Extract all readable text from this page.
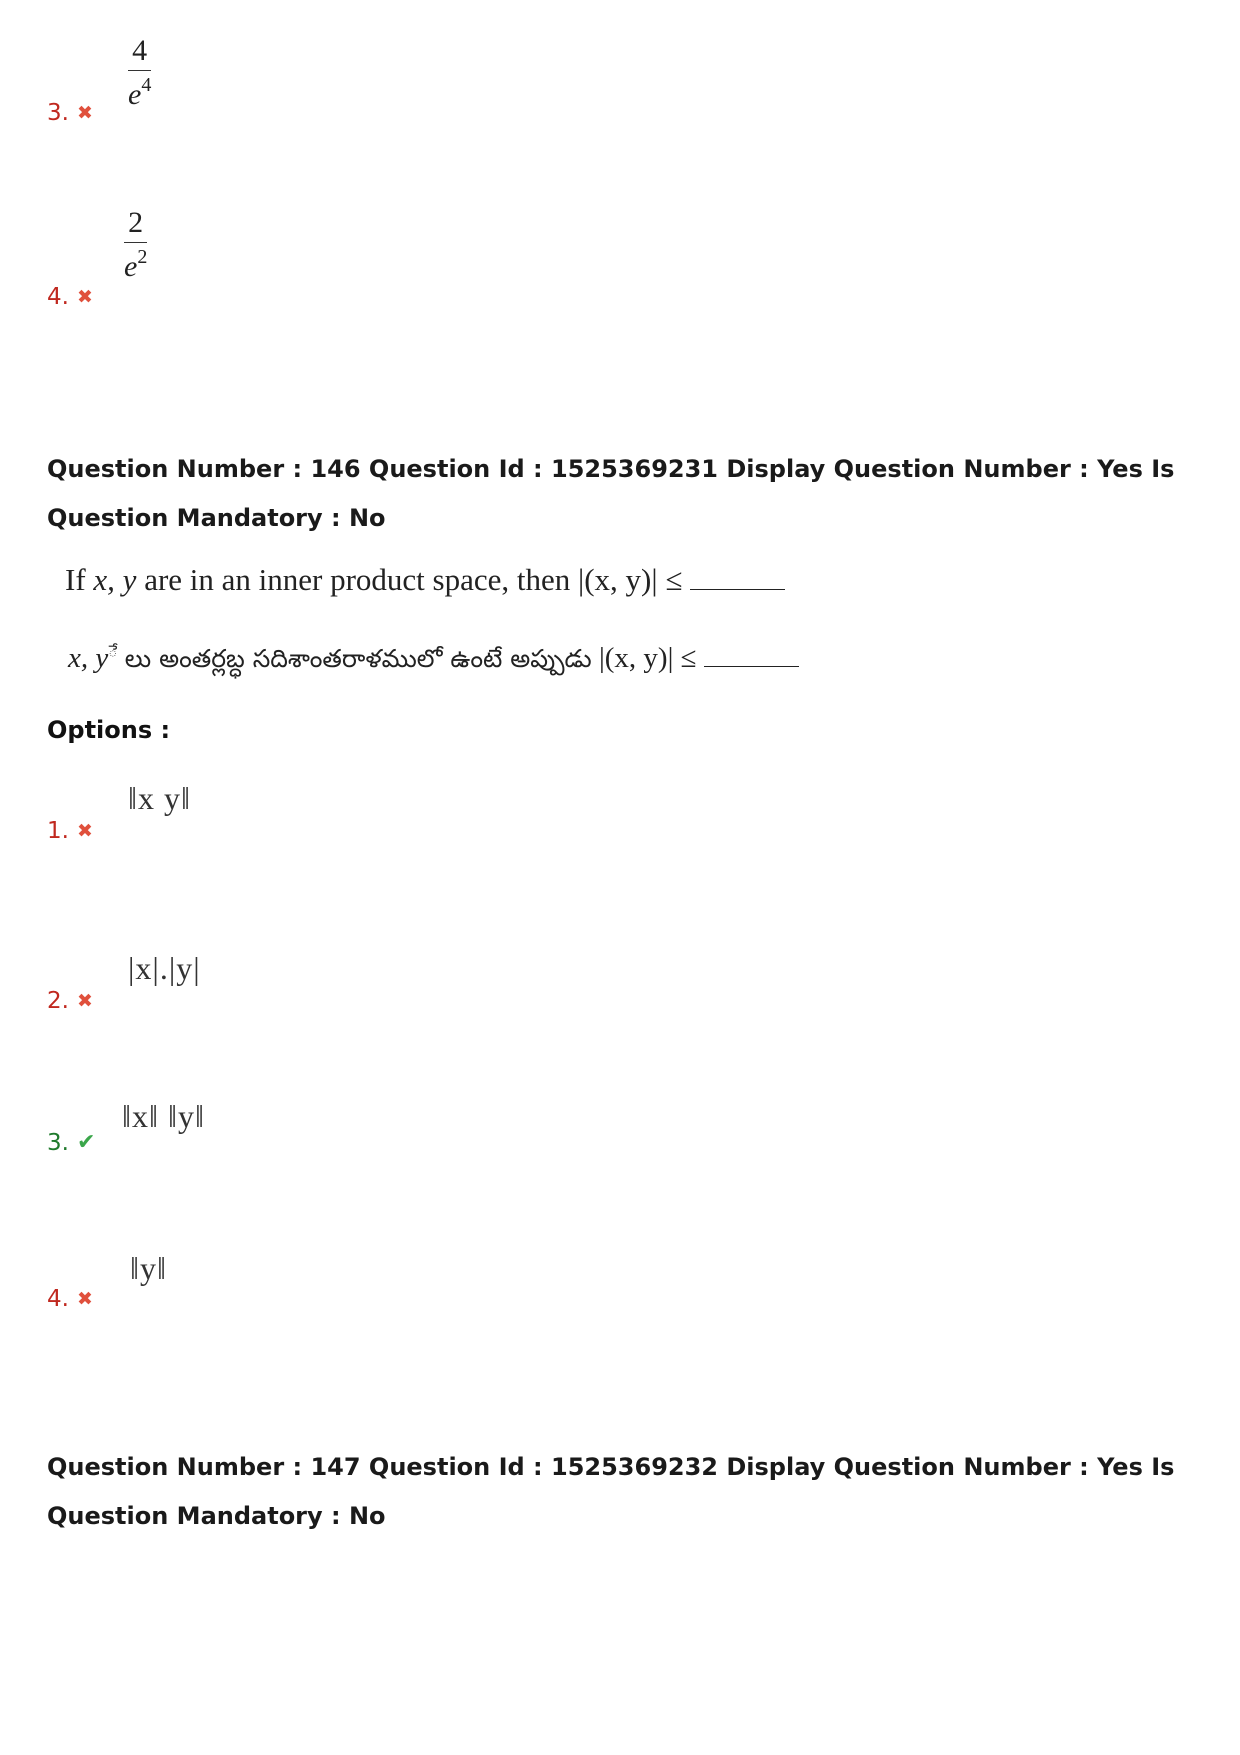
3. ✖
$\frac{4}{e^4}$
4. ✖
$\frac{2}{e^2}$
Question Number : 146 Question Id : 1525369231 Display Question Number : Yes Is Question Mandatory : No
If x, y are in an inner product space, then |(x, y)| ≤
x, yే లు అంతర్లబ్ధ సదిశాంతరాళములో ఉంటే అప్పుడు |(x, y)| ≤
Options :
1. ✖
‖x y‖
2. ✖
|x|.|y|
3. ✔
‖x‖ ‖y‖
4. ✖
‖y‖
Question Number : 147 Question Id : 1525369232 Display Question Number : Yes Is Question Mandatory : No
